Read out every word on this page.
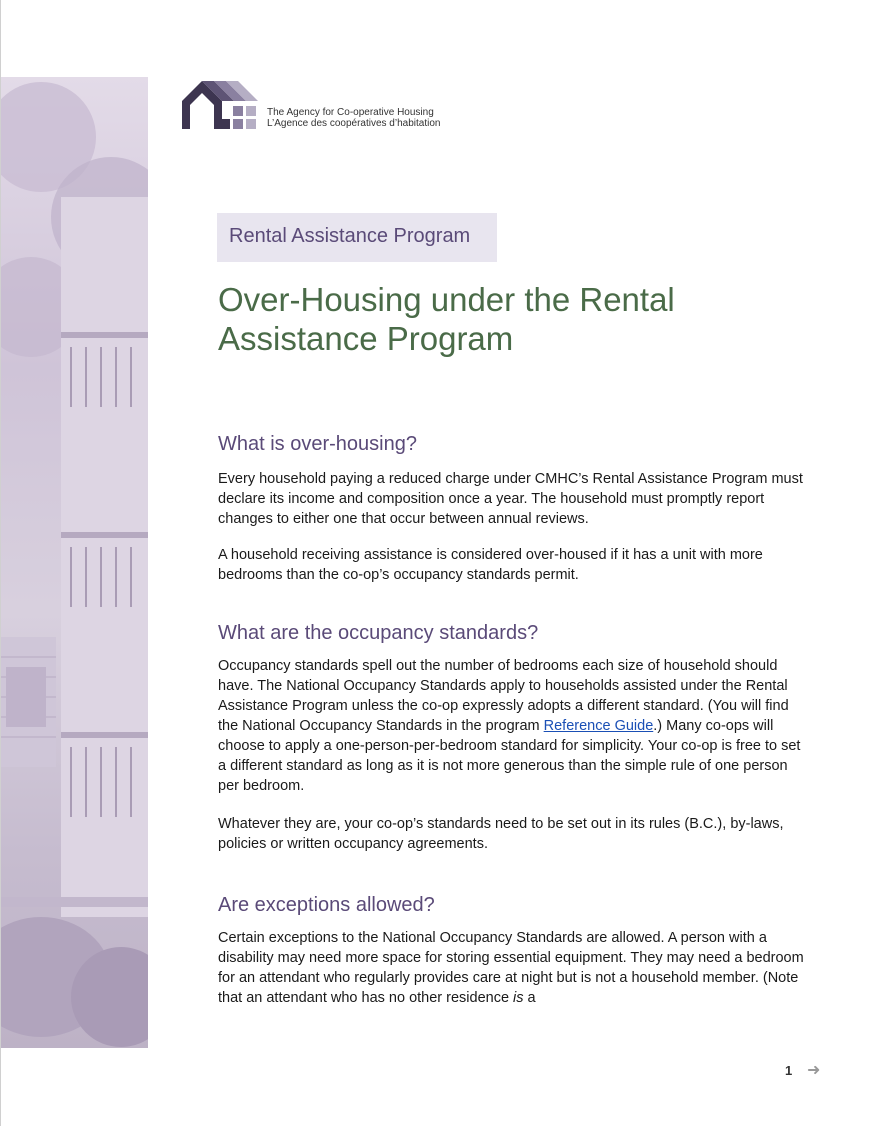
The Agency for Co-operative Housing
L’Agence des coopératives d’habitation
Rental Assistance Program
Over-Housing under the Rental Assistance Program
What is over-housing?

Every household paying a reduced charge under CMHC’s Rental Assistance Program must declare its income and composition once a year. The household must promptly report changes to either one that occur between annual reviews.

A household receiving assistance is considered over-housed if it has a unit with more bedrooms than the co-op’s occupancy standards permit.

What are the occupancy standards?

Occupancy standards spell out the number of bedrooms each size of household should have. The National Occupancy Standards apply to households assisted under the Rental Assistance Program unless the co-op expressly adopts a different standard. (You will find the National Occupancy Standards in the program Reference Guide.) Many co-ops will choose to apply a one-person-per-bedroom standard for simplicity. Your co-op is free to set a different standard as long as it is not more generous than the simple rule of one person per bedroom.

Whatever they are, your co-op’s standards need to be set out in its rules (B.C.), by-laws, policies or written occupancy agreements.

Are exceptions allowed?

Certain exceptions to the National Occupancy Standards are allowed. A person with a disability may need more space for storing essential equipment. They may need a bedroom for an attendant who regularly provides care at night but is not a household member. (Note that an attendant who has no other residence is a

1 ➜
